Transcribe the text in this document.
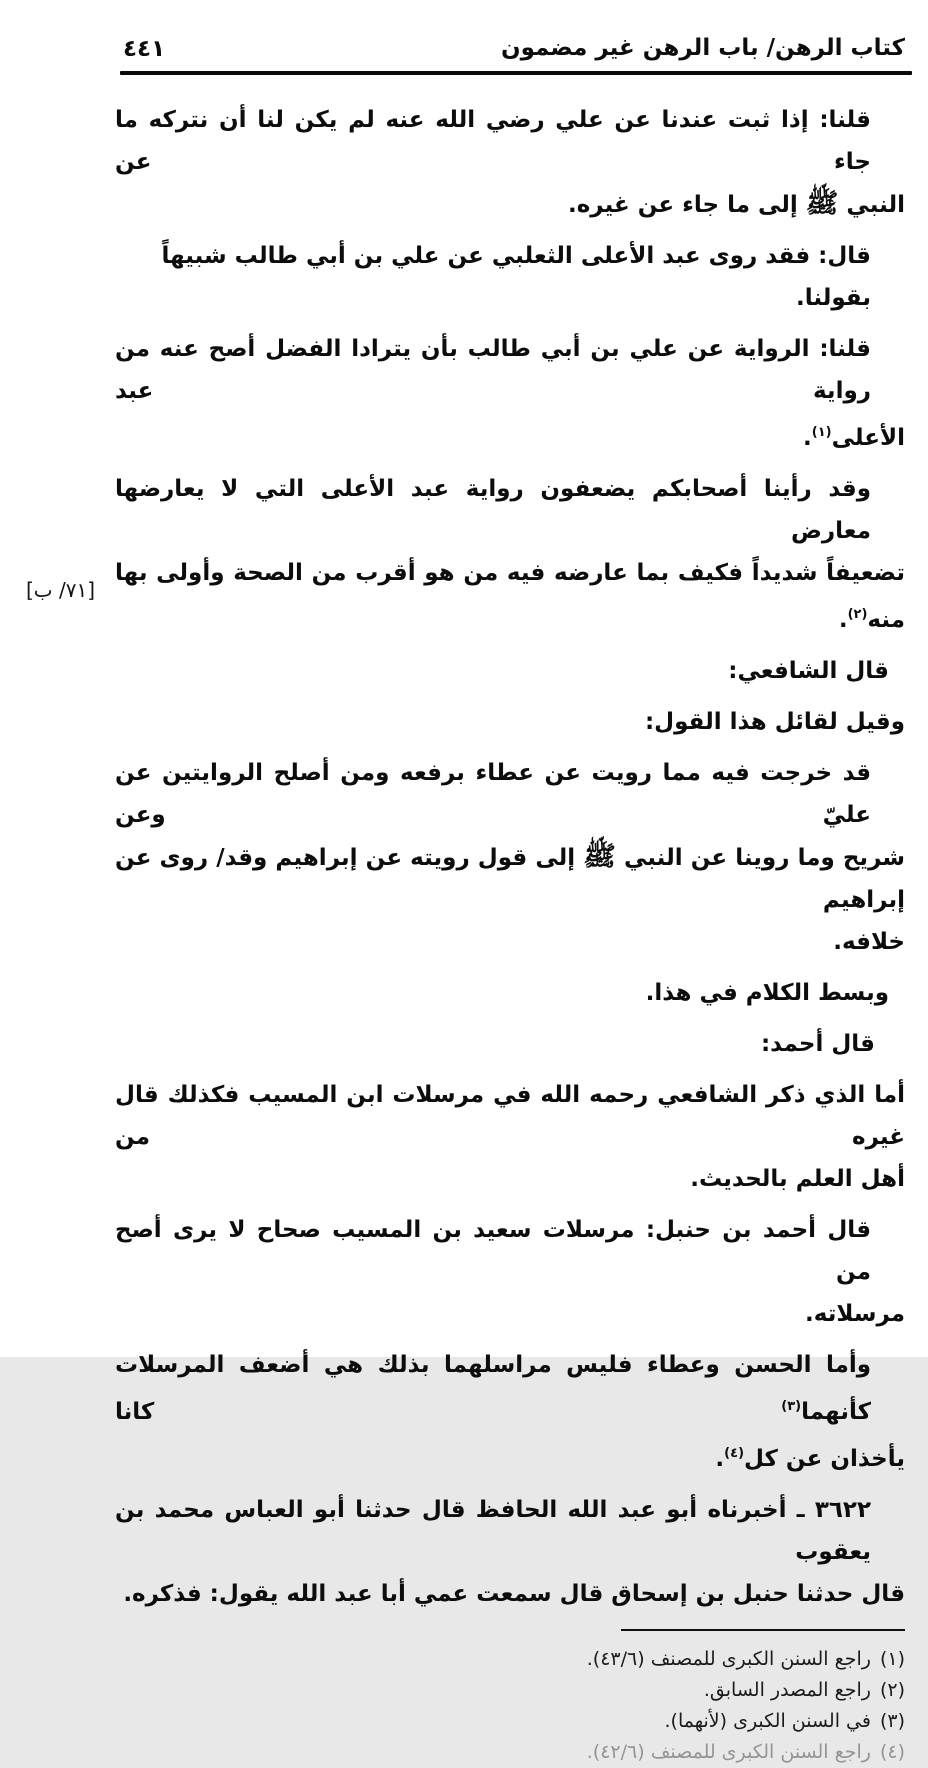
٤٤١	كتاب الرهن/ باب الرهن غير مضمون
قلنا: إذا ثبت عندنا عن علي رضي الله عنه لم يكن لنا أن نتركه ما جاء عن
النبي ﷺ إلى ما جاء عن غيره.
قال: فقد روى عبد الأعلى الثعلبي عن علي بن أبي طالب شبيهاً بقولنا.
قلنا: الرواية عن علي بن أبي طالب بأن يترادا الفضل أصح عنه من رواية عبد
الأعلى$^{(١)}$.
وقد رأينا أصحابكم يضعفون رواية عبد الأعلى التي لا يعارضها معارض
تضعيفاً شديداً فكيف بما عارضه فيه من هو أقرب من الصحة وأولى بها منه$^{(٢)}$.
قال الشافعي:
وقيل لقائل هذا القول:
قد خرجت فيه مما رويت عن عطاء برفعه ومن أصلح الروايتين عن عليّ وعن
شريح وما روينا عن النبي ﷺ إلى قول رويته عن إبراهيم وقد/ روى عن إبراهيم
خلافه.
وبسط الكلام في هذا.
قال أحمد:
أما الذي ذكر الشافعي رحمه الله في مرسلات ابن المسيب فكذلك قال غيره من
أهل العلم بالحديث.
قال أحمد بن حنبل: مرسلات سعيد بن المسيب صحاح لا يرى أصح من
مرسلاته.
وأما الحسن وعطاء فليس مراسلهما بذلك هي أضعف المرسلات كأنهما$^{(٣)}$ كانا
يأخذان عن كل$^{(٤)}$.
٣٦٢٢ ـ أخبرناه أبو عبد الله الحافظ قال حدثنا أبو العباس محمد بن يعقوب
قال حدثنا حنبل بن إسحاق قال سمعت عمي أبا عبد الله يقول: فذكره.
[٧١/ ب]
(١)راجع السنن الكبرى للمصنف (٤٣/٦).
(٢)راجع المصدر السابق.
(٣)في السنن الكبرى (لأنهما).
(٤)راجع السنن الكبرى للمصنف (٤٢/٦).
